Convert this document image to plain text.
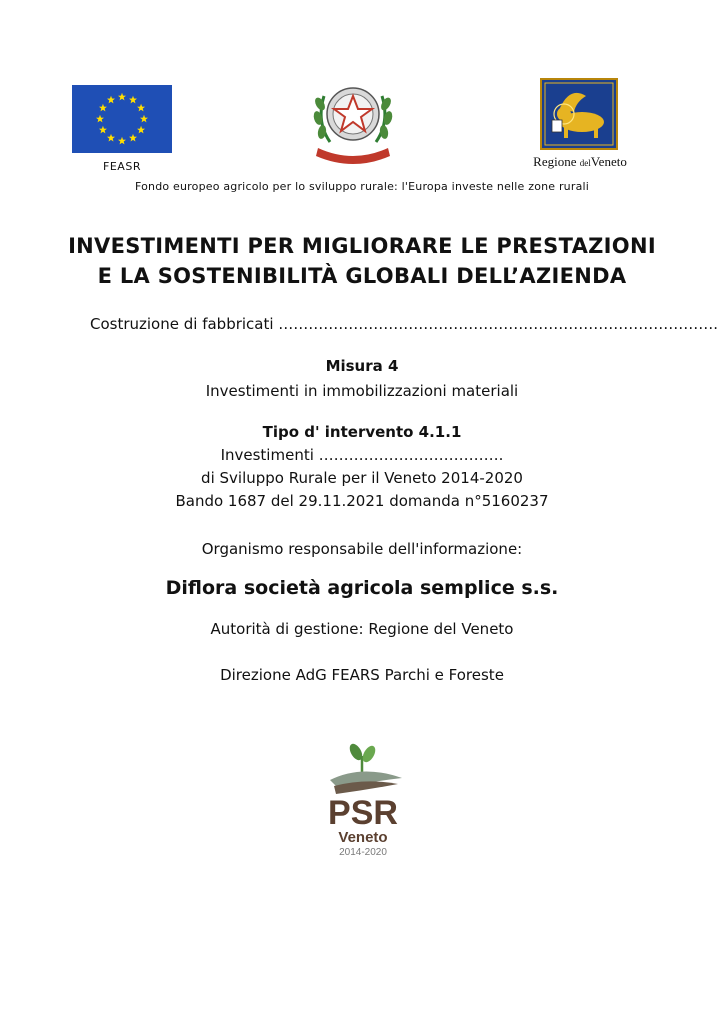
FEASR	Regione delVeneto
Fondo europeo agricolo per lo sviluppo rurale: l'Europa investe nelle zone rurali
INVESTIMENTI PER MIGLIORARE LE PRESTAZIONI
E LA SOSTENIBILITÀ GLOBALI DELL’AZIENDA
Costruzione di fabbricati …………………………………………………………………………….
Misura 4
Investimenti in immobilizzazioni materiali
Tipo d' intervento 4.1.1
Investimenti ……………………………….
di Sviluppo Rurale per il Veneto 2014-2020
Bando 1687 del 29.11.2021 domanda n°5160237
Organismo responsabile dell'informazione:
Diflora società agricola semplice s.s.
Autorità di gestione: Regione del Veneto
Direzione AdG FEARS Parchi e Foreste
PSR
Veneto
2014-2020
